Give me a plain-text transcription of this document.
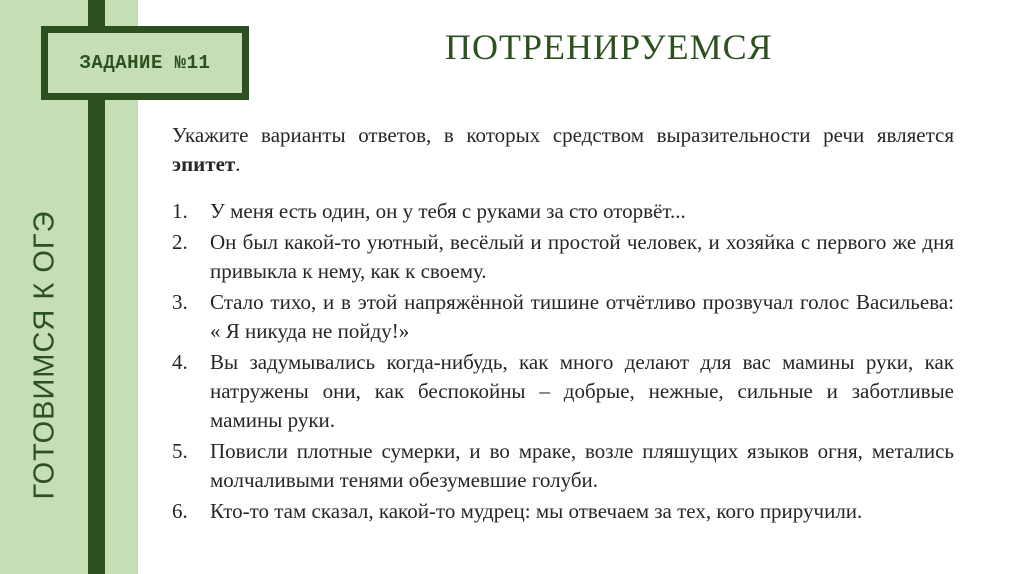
ГОТОВИМСЯ К ОГЭ
ЗАДАНИЕ №11	ПОТРЕНИРУЕМСЯ

Укажите варианты ответов, в которых средством выразительности речи является эпитет.

1. У меня есть один, он у тебя с руками за сто оторвёт...
2. Он был какой-то уютный, весёлый и простой человек, и хозяйка с первого же дня привыкла к нему, как к своему.
3. Стало тихо, и в этой напряжённой тишине отчётливо прозвучал голос Васильева: « Я никуда не пойду!»
4. Вы задумывались когда-нибудь, как много делают для вас мамины руки, как натружены они, как беспокойны – добрые, нежные, сильные и заботливые мамины руки.
5. Повисли плотные сумерки, и во мраке, возле пляшущих языков огня, метались молчаливыми тенями обезумевшие голуби.
6. Кто-то там сказал, какой-то мудрец: мы отвечаем за тех, кого приручили.
